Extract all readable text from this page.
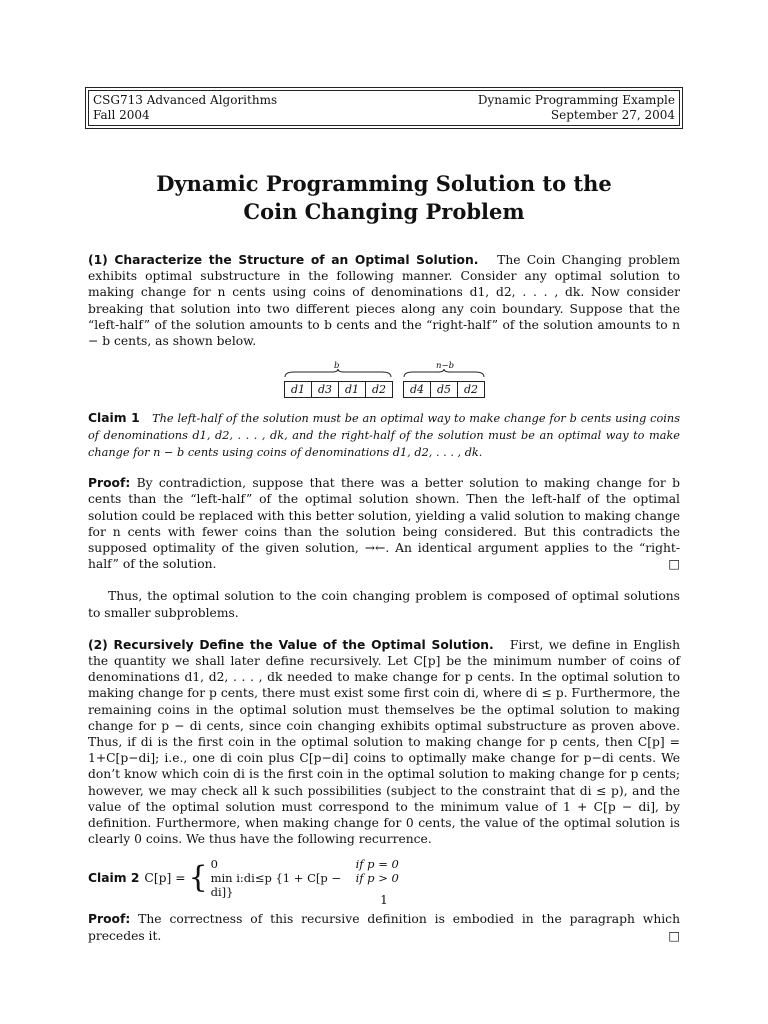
CSG713 Advanced Algorithms
Fall 2004
Dynamic Programming Example
September 27, 2004
Dynamic Programming Solution to the
Coin Changing Problem

(1) Characterize the Structure of an Optimal Solution. The Coin Changing problem exhibits optimal substructure in the following manner. Consider any optimal solution to making change for n cents using coins of denominations d1, d2, . . . , dk. Now consider breaking that solution into two different pieces along any coin boundary. Suppose that the “left-half” of the solution amounts to b cents and the “right-half” of the solution amounts to n − b cents, as shown below.

b
d1	d3	d1	d2
n−b
d4	d5	d2

Claim 1 The left-half of the solution must be an optimal way to make change for b cents using coins of denominations d1, d2, . . . , dk, and the right-half of the solution must be an optimal way to make change for n − b cents using coins of denominations d1, d2, . . . , dk.

Proof: By contradiction, suppose that there was a better solution to making change for b cents than the “left-half” of the optimal solution shown. Then the left-half of the optimal solution could be replaced with this better solution, yielding a valid solution to making change for n cents with fewer coins than the solution being considered. But this contradicts the supposed optimality of the given solution, →←. An identical argument applies to the “right-half” of the solution.	□

Thus, the optimal solution to the coin changing problem is composed of optimal solutions to smaller subproblems.

(2) Recursively Define the Value of the Optimal Solution. First, we define in English the quantity we shall later define recursively. Let C[p] be the minimum number of coins of denominations d1, d2, . . . , dk needed to make change for p cents. In the optimal solution to making change for p cents, there must exist some first coin di, where di ≤ p. Furthermore, the remaining coins in the optimal solution must themselves be the optimal solution to making change for p − di cents, since coin changing exhibits optimal substructure as proven above. Thus, if di is the first coin in the optimal solution to making change for p cents, then C[p] = 1+C[p−di]; i.e., one di coin plus C[p−di] coins to optimally make change for p−di cents. We don’t know which coin di is the first coin in the optimal solution to making change for p cents; however, we may check all k such possibilities (subject to the constraint that di ≤ p), and the value of the optimal solution must correspond to the minimum value of 1 + C[p − di], by definition. Furthermore, when making change for 0 cents, the value of the optimal solution is clearly 0 coins. We thus have the following recurrence.

Claim 2 C[p] = { 0	if p = 0
min i:di≤p {1 + C[p − di]}
if p > 0

Proof: The correctness of this recursive definition is embodied in the paragraph which precedes it.	□

1
